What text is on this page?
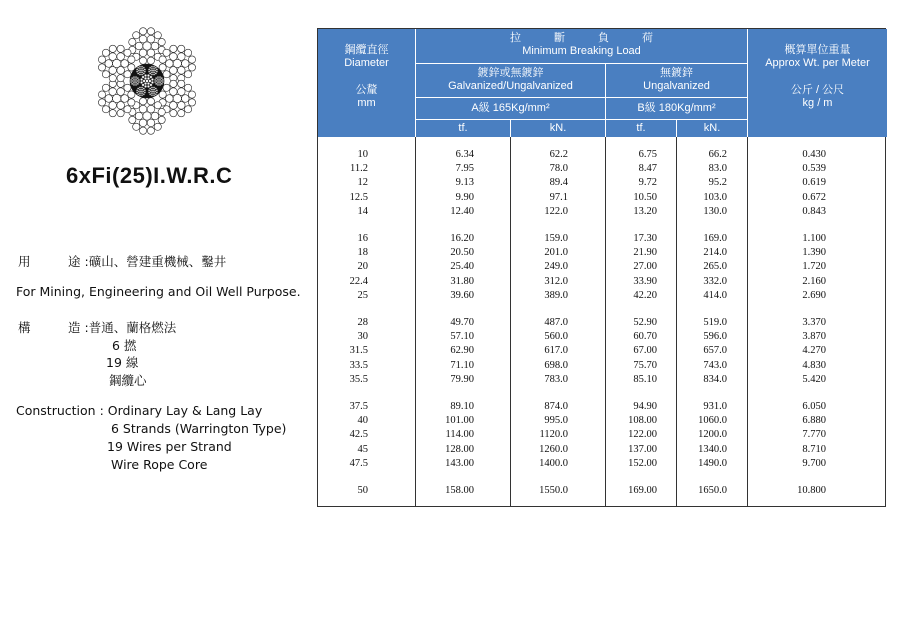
6xFi(25)I.W.R.C
用　　　途 :礦山、營建重機械、鑿井
For Mining, Engineering and Oil Well Purpose.
構　　　造 :普通、蘭格燃法
6 撚
19 線
鋼纜心
Construction : Ordinary Lay & Lang Lay
6 Strands (Warrington Type)
19 Wires per Strand
Wire Rope Core
鋼纜直徑
Diameter
公釐
mm
拉　　　斷　　　負　　　荷
Minimum Breaking Load
鍍鋅或無鍍鋅
Galvanized/Ungalvanized
無鍍鋅
Ungalvanized
A級 165Kg/mm²	B級 180Kg/mm²
tf.	kN.	tf.	kN.
概算單位重量
Approx Wt. per Meter
公斤 / 公尺
kg / m
10	6.34	62.2	6.75	66.2	0.430
11.2	7.95	78.0	8.47	83.0	0.539
12	9.13	89.4	9.72	95.2	0.619
12.5	9.90	97.1	10.50	103.0	0.672
14	12.40	122.0	13.20	130.0	0.843
16	16.20	159.0	17.30	169.0	1.100
18	20.50	201.0	21.90	214.0	1.390
20	25.40	249.0	27.00	265.0	1.720
22.4	31.80	312.0	33.90	332.0	2.160
25	39.60	389.0	42.20	414.0	2.690
28	49.70	487.0	52.90	519.0	3.370
30	57.10	560.0	60.70	596.0	3.870
31.5	62.90	617.0	67.00	657.0	4.270
33.5	71.10	698.0	75.70	743.0	4.830
35.5	79.90	783.0	85.10	834.0	5.420
37.5	89.10	874.0	94.90	931.0	6.050
40	101.00	995.0	108.00	1060.0	6.880
42.5	114.00	1120.0	122.00	1200.0	7.770
45	128.00	1260.0	137.00	1340.0	8.710
47.5	143.00	1400.0	152.00	1490.0	9.700
50	158.00	1550.0	169.00	1650.0	10.800
